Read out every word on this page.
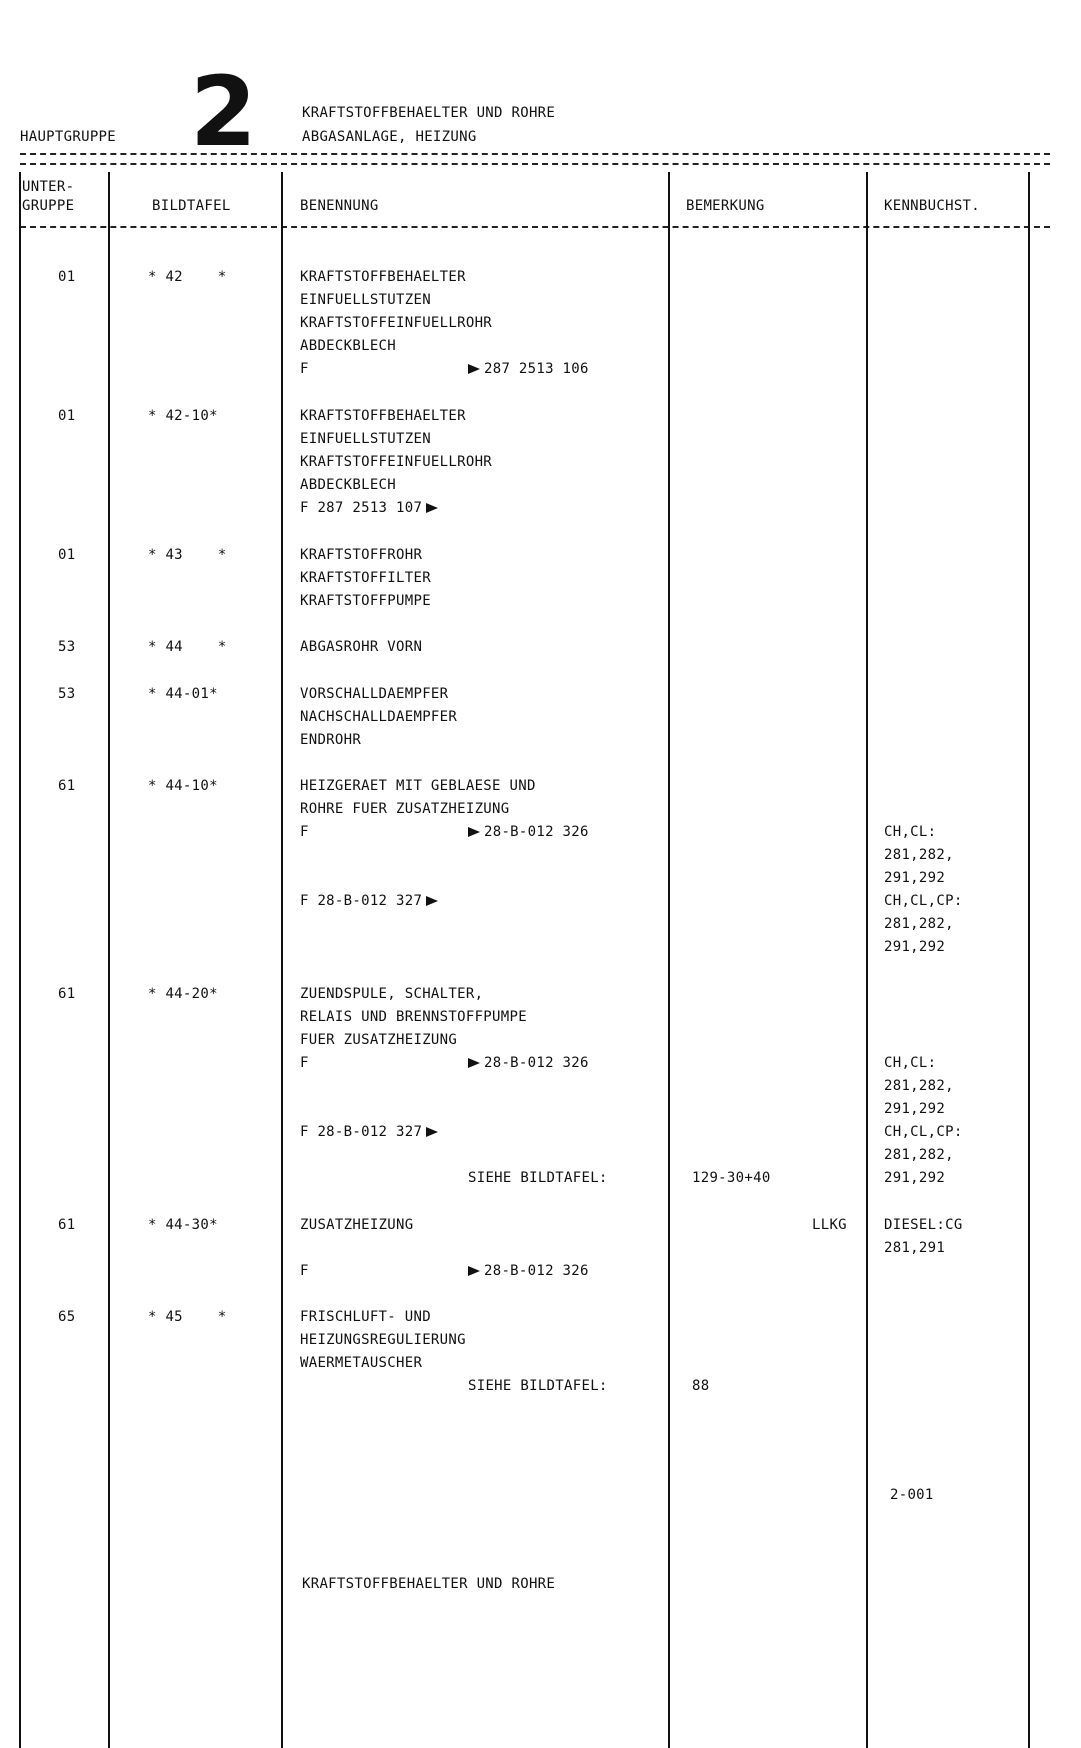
HAUPTGRUPPE 2	KRAFTSTOFFBEHAELTER UND ROHRE
ABGASANLAGE, HEIZUNG
UNTER-
GRUPPE	BILDTAFEL	BENENNUNG	BEMERKUNG	KENNBUCHST.
01	* 42    *	KRAFTSTOFFBEHAELTER
EINFUELLSTUTZEN
KRAFTSTOFFEINFUELLROHR
ABDECKBLECH
F	287 2513 106
01	* 42-10*	KRAFTSTOFFBEHAELTER
EINFUELLSTUTZEN
KRAFTSTOFFEINFUELLROHR
ABDECKBLECH
F 287 2513 107
01	* 43    *	KRAFTSTOFFROHR
KRAFTSTOFFILTER
KRAFTSTOFFPUMPE
53	* 44    *	ABGASROHR VORN
53	* 44-01*	VORSCHALLDAEMPFER
NACHSCHALLDAEMPFER
ENDROHR
61	* 44-10*	HEIZGERAET MIT GEBLAESE UND
ROHRE FUER ZUSATZHEIZUNG
F	28-B-012 326	CH,CL:
281,282,
291,292
F 28-B-012 327	CH,CL,CP:
281,282,
291,292
61	* 44-20*	ZUENDSPULE, SCHALTER,
RELAIS UND BRENNSTOFFPUMPE
FUER ZUSATZHEIZUNG
F	28-B-012 326	CH,CL:
281,282,
291,292
F 28-B-012 327	CH,CL,CP:
281,282,
SIEHE BILDTAFEL:	129-30+40	291,292
61	* 44-30*	ZUSATZHEIZUNG	LLKG	DIESEL:CG
281,291
F	28-B-012 326
65	* 45    *	FRISCHLUFT- UND
HEIZUNGSREGULIERUNG
WAERMETAUSCHER
SIEHE BILDTAFEL:	88
2-001
KRAFTSTOFFBEHAELTER UND ROHRE
